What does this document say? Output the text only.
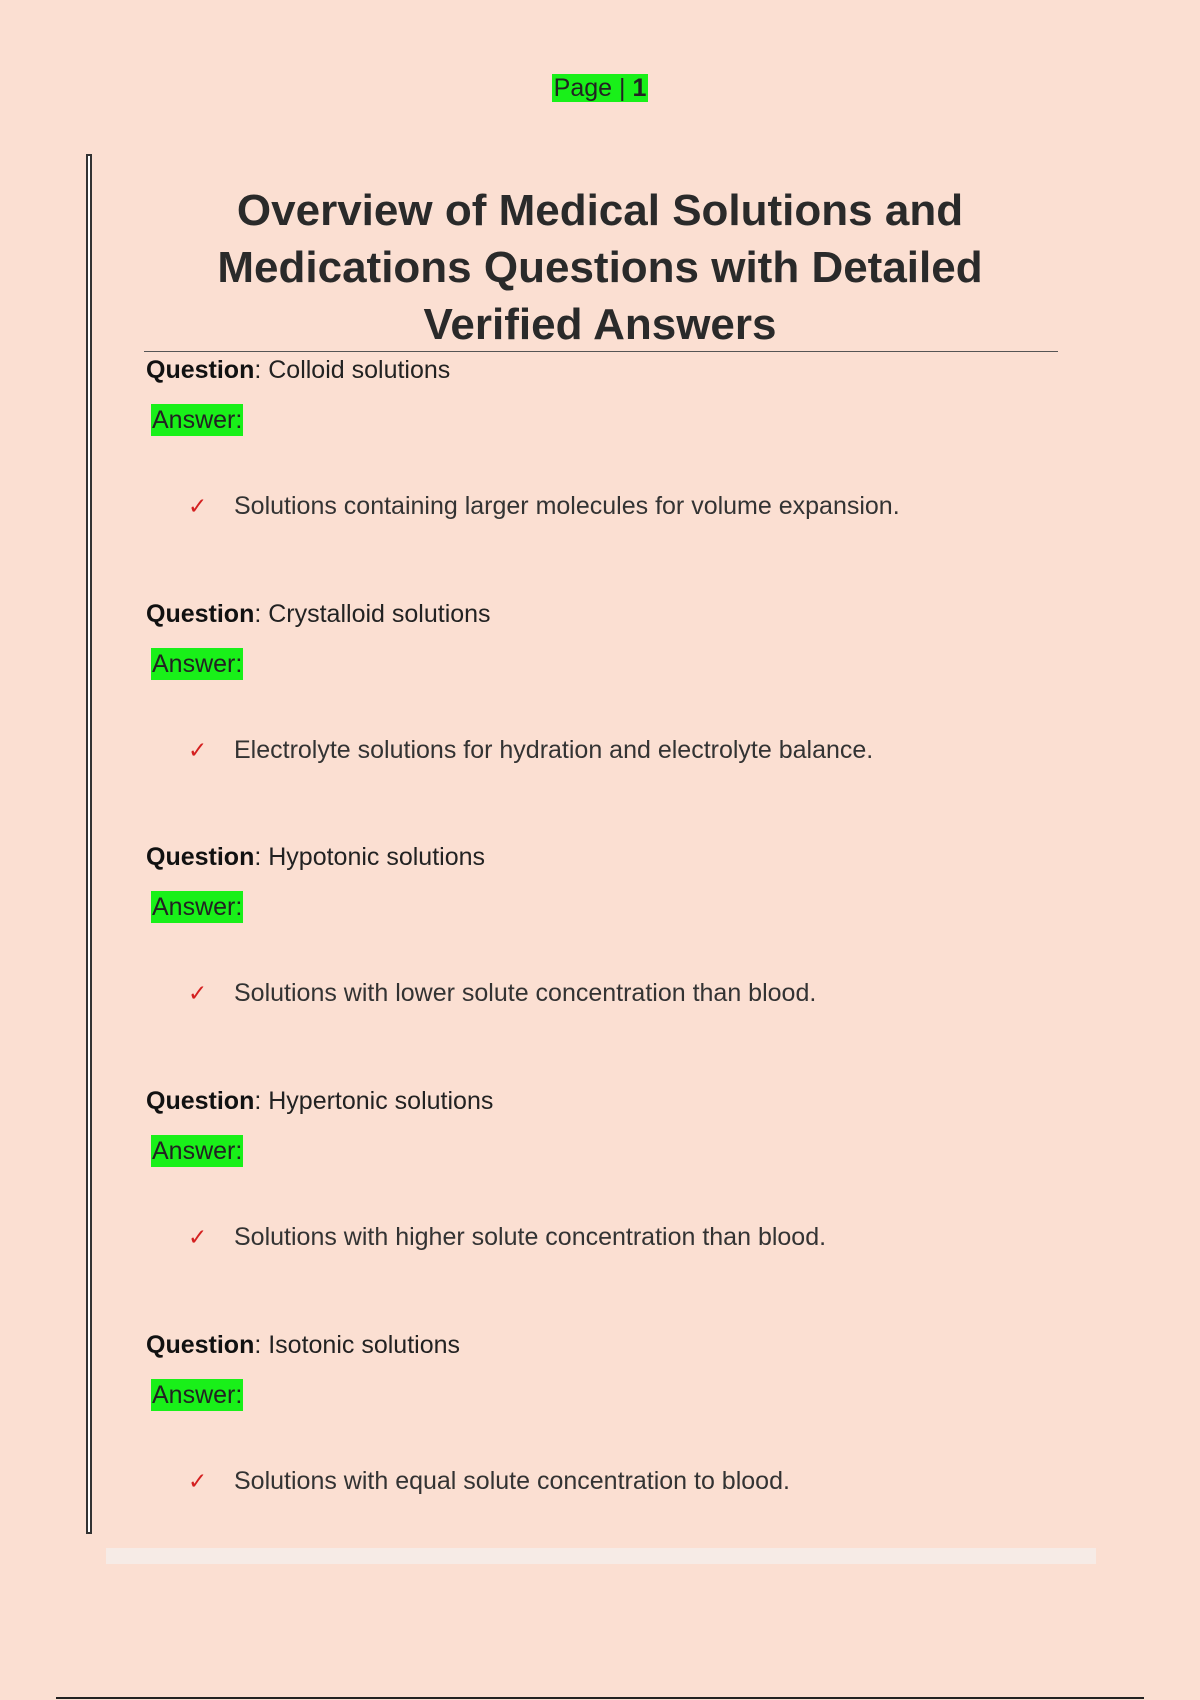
Page | 1
Overview of Medical Solutions and Medications Questions with Detailed Verified Answers
Question: Colloid solutions
Answer:
✓ Solutions containing larger molecules for volume expansion.
Question: Crystalloid solutions
Answer:
✓ Electrolyte solutions for hydration and electrolyte balance.
Question: Hypotonic solutions
Answer:
✓ Solutions with lower solute concentration than blood.
Question: Hypertonic solutions
Answer:
✓ Solutions with higher solute concentration than blood.
Question: Isotonic solutions
Answer:
✓ Solutions with equal solute concentration to blood.
